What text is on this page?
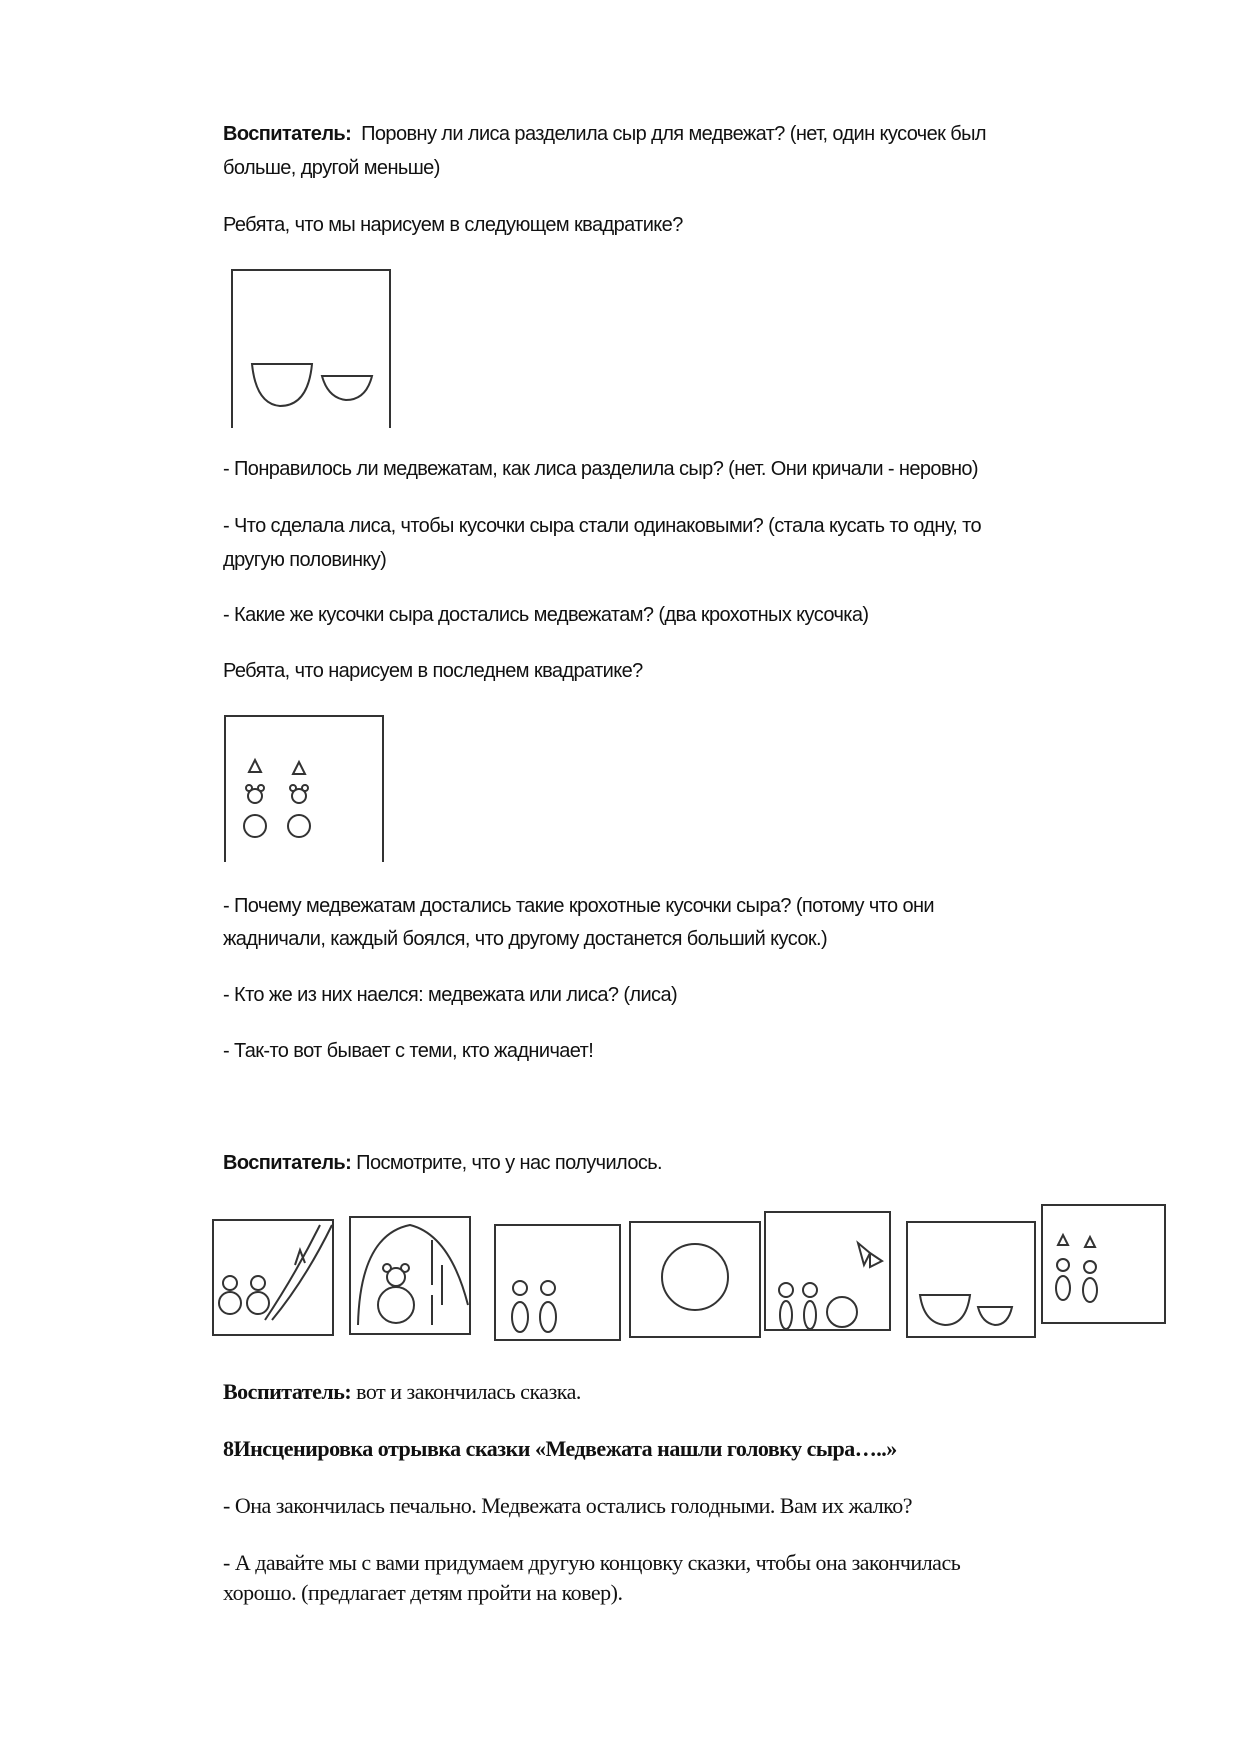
Воспитатель: Поровну ли лиса разделила сыр для медвежат? (нет, один кусочек был
больше, другой меньше)
Ребята, что мы нарисуем в следующем квадратике?
- Понравилось ли медвежатам, как лиса разделила сыр? (нет. Они кричали - неровно)
- Что сделала лиса, чтобы кусочки сыра стали одинаковыми? (стала кусать то одну, то
другую половинку)
- Какие же кусочки сыра достались медвежатам? (два крохотных кусочка)
Ребята, что нарисуем в последнем квадратике?
- Почему медвежатам достались такие крохотные кусочки сыра? (потому что они
жадничали, каждый боялся, что другому достанется больший кусок.)
- Кто же из них наелся: медвежата или лиса? (лиса)
- Так-то вот бывает с теми, кто жадничает!
Воспитатель: Посмотрите, что у нас получилось.
Воспитатель: вот и закончилась сказка.
8Инсценировка отрывка сказки «Медвежата нашли головку сыра…..»
- Она закончилась печально. Медвежата остались голодными. Вам их жалко?
- А давайте мы с вами придумаем другую концовку сказки, чтобы она закончилась
хорошо. (предлагает детям пройти на ковер).
